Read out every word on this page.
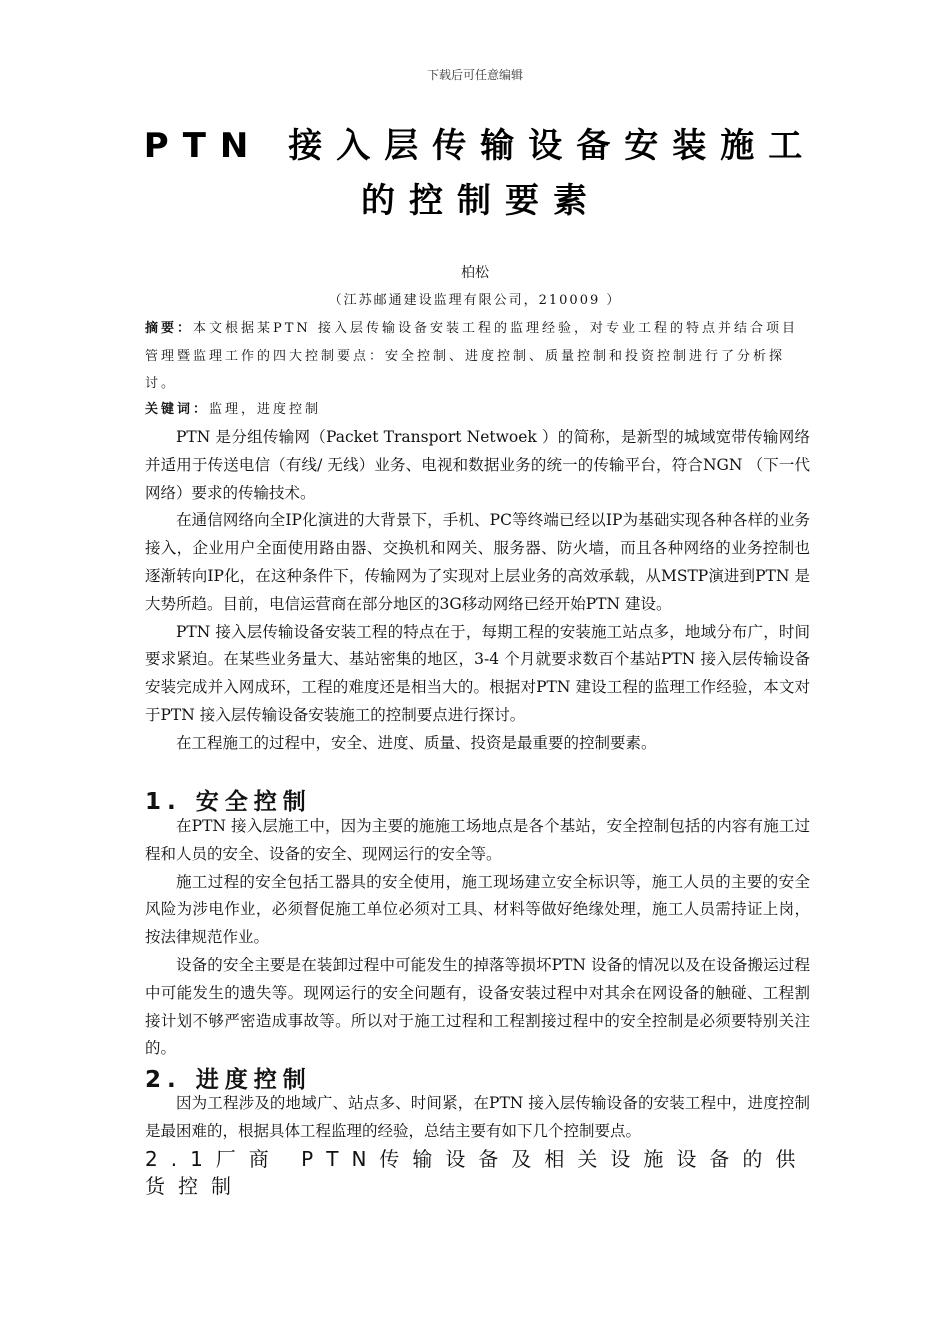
下载后可任意编辑
PTN 接入层传输设备安装施工
的控制要素
柏松
（江苏邮通建设监理有限公司，210009 ）
摘要：本文根据某PTN 接入层传输设备安装工程的监理经验，对专业工程的特点并结合项目管理暨监理工作的四大控制要点：安全控制、进度控制、质量控制和投资控制进行了分析探讨。
关键词：监理，进度控制

PTN 是分组传输网（Packet Transport Netwoek ）的简称，是新型的城域宽带传输网络并适用于传送电信（有线/ 无线）业务、电视和数据业务的统一的传输平台，符合NGN （下一代网络）要求的传输技术。

在通信网络向全IP化演进的大背景下，手机、PC等终端已经以IP为基础实现各种各样的业务接入，企业用户全面使用路由器、交换机和网关、服务器、防火墙，而且各种网络的业务控制也逐渐转向IP化，在这种条件下，传输网为了实现对上层业务的高效承载，从MSTP演进到PTN 是大势所趋。目前，电信运营商在部分地区的3G移动网络已经开始PTN 建设。

PTN 接入层传输设备安装工程的特点在于，每期工程的安装施工站点多，地域分布广，时间要求紧迫。在某些业务量大、基站密集的地区，3-4 个月就要求数百个基站PTN 接入层传输设备安装完成并入网成环，工程的难度还是相当大的。根据对PTN 建设工程的监理工作经验，本文对于PTN 接入层传输设备安装施工的控制要点进行探讨。

在工程施工的过程中，安全、进度、质量、投资是最重要的控制要素。

1. 安全控制

在PTN 接入层施工中，因为主要的施施工场地点是各个基站，安全控制包括的内容有施工过程和人员的安全、设备的安全、现网运行的安全等。

施工过程的安全包括工器具的安全使用，施工现场建立安全标识等，施工人员的主要的安全风险为涉电作业，必须督促施工单位必须对工具、材料等做好绝缘处理，施工人员需持证上岗，按法律规范作业。

设备的安全主要是在装卸过程中可能发生的掉落等损坏PTN 设备的情况以及在设备搬运过程中可能发生的遗失等。现网运行的安全问题有，设备安装过程中对其余在网设备的触碰、工程割接计划不够严密造成事故等。所以对于施工过程和工程割接过程中的安全控制是必须要特别关注的。

2. 进度控制

因为工程涉及的地域广、站点多、时间紧，在PTN 接入层传输设备的安装工程中，进度控制是最困难的，根据具体工程监理的经验，总结主要有如下几个控制要点。

2.1厂商 PTN传输设备及相关设施设备的供货控制
